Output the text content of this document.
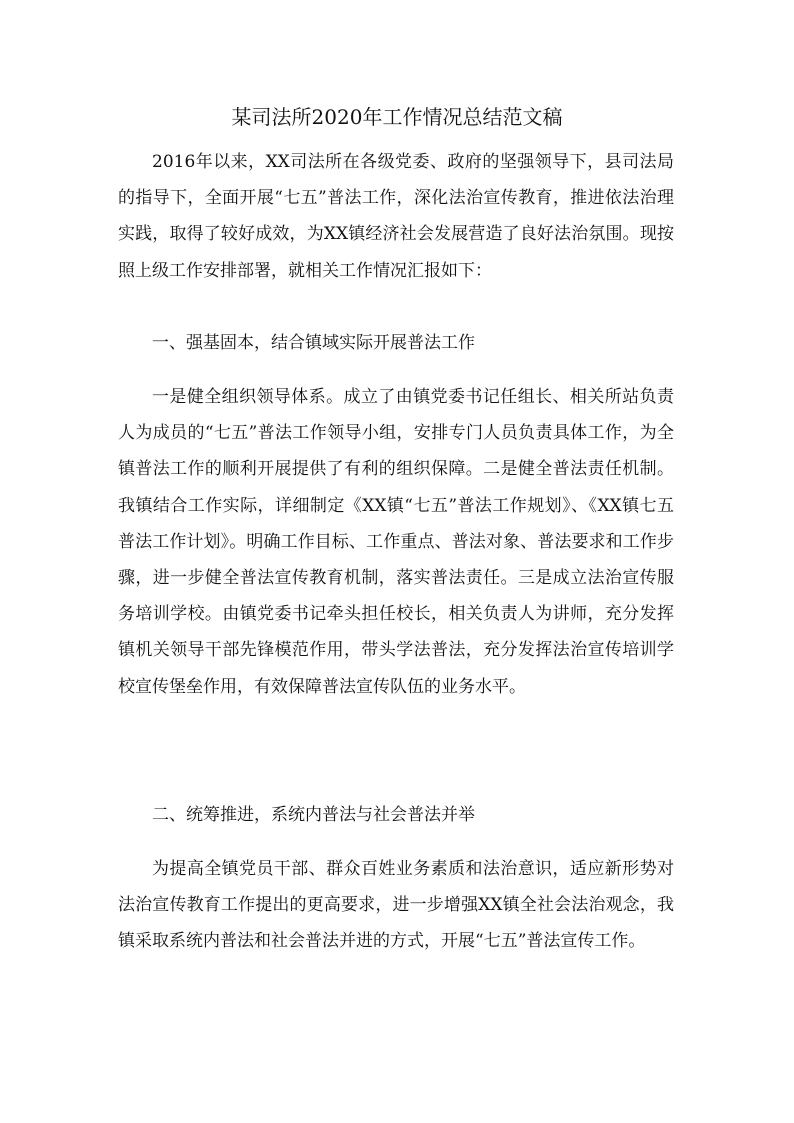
某司法所2020年工作情况总结范文稿

2016年以来，XX司法所在各级党委、政府的坚强领导下，县司法局的指导下，全面开展“七五”普法工作，深化法治宣传教育，推进依法治理实践，取得了较好成效，为XX镇经济社会发展营造了良好法治氛围。现按照上级工作安排部署，就相关工作情况汇报如下：

一、强基固本，结合镇域实际开展普法工作

一是健全组织领导体系。成立了由镇党委书记任组长、相关所站负责人为成员的“七五”普法工作领导小组，安排专门人员负责具体工作，为全镇普法工作的顺利开展提供了有利的组织保障。二是健全普法责任机制。我镇结合工作实际，详细制定《XX镇“七五”普法工作规划》、《XX镇七五普法工作计划》。明确工作目标、工作重点、普法对象、普法要求和工作步骤，进一步健全普法宣传教育机制，落实普法责任。三是成立法治宣传服务培训学校。由镇党委书记牵头担任校长，相关负责人为讲师，充分发挥镇机关领导干部先锋模范作用，带头学法普法，充分发挥法治宣传培训学校宣传堡垒作用，有效保障普法宣传队伍的业务水平。

二、统筹推进，系统内普法与社会普法并举

为提高全镇党员干部、群众百姓业务素质和法治意识，适应新形势对法治宣传教育工作提出的更高要求，进一步增强XX镇全社会法治观念，我镇采取系统内普法和社会普法并进的方式，开展“七五”普法宣传工作。
